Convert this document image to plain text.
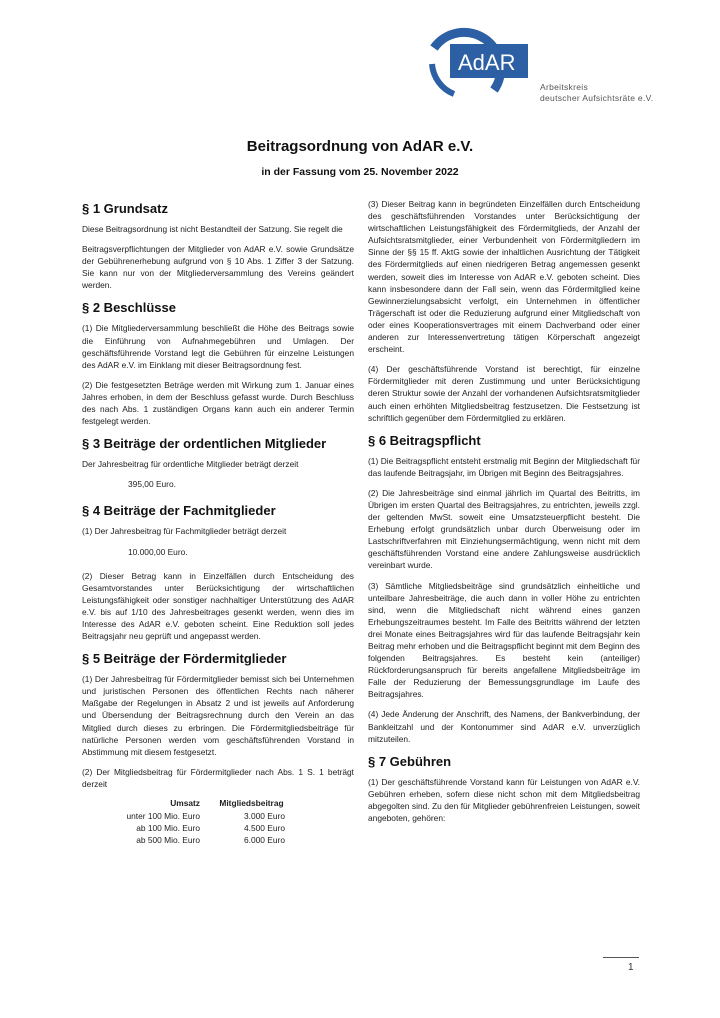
AdAR
Arbeitskreis
deutscher Aufsichtsräte e.V.
Beitragsordnung von AdAR e.V.
in der Fassung vom 25. November 2022
§ 1 Grundsatz

Diese Beitragsordnung ist nicht Bestandteil der Satzung. Sie regelt die

Beitragsverpflichtungen der Mitglieder von AdAR e.V. sowie Grundsätze der Gebührenerhebung aufgrund von § 10 Abs. 1 Ziffer 3 der Satzung. Sie kann nur von der Mitgliederversammlung des Vereins geändert werden.

§ 2 Beschlüsse

(1) Die Mitgliederversammlung beschließt die Höhe des Beitrags sowie die Einführung von Aufnahmegebühren und Umlagen. Der geschäftsführende Vorstand legt die Gebühren für einzelne Leistungen des AdAR e.V. im Einklang mit dieser Beitragsordnung fest.

(2) Die festgesetzten Beträge werden mit Wirkung zum 1. Januar eines Jahres erhoben, in dem der Beschluss gefasst wurde. Durch Beschluss des nach Abs. 1 zuständigen Organs kann auch ein anderer Termin festgelegt werden.

§ 3 Beiträge der ordentlichen Mitglieder

Der Jahresbeitrag für ordentliche Mitglieder beträgt derzeit

395,00 Euro.

§ 4 Beiträge der Fachmitglieder

(1) Der Jahresbeitrag für Fachmitglieder beträgt derzeit

10.000,00 Euro.

(2) Dieser Betrag kann in Einzelfällen durch Entscheidung des Gesamtvorstandes unter Berücksichtigung der wirtschaftlichen Leistungsfähigkeit oder sonstiger nachhaltiger Unterstützung des AdAR e.V. bis auf 1/10 des Jahresbeitrages gesenkt werden, wenn dies im Interesse des AdAR e.V. geboten scheint. Eine Reduktion soll jedes Beitragsjahr neu geprüft und angepasst werden.

§ 5 Beiträge der Fördermitglieder

(1) Der Jahresbeitrag für Fördermitglieder bemisst sich bei Unternehmen und juristischen Personen des öffentlichen Rechts nach näherer Maßgabe der Regelungen in Absatz 2 und ist jeweils auf Anforderung und Übersendung der Beitragsrechnung durch den Verein an das Mitglied durch dieses zu erbringen. Die Fördermitgliedsbeiträge für natürliche Personen werden vom geschäftsführenden Vorstand in Abstimmung mit diesem festgesetzt.

(2) Der Mitgliedsbeitrag für Fördermitglieder nach Abs. 1 S. 1 beträgt derzeit

Umsatz	Mitgliedsbeitrag
unter 100 Mio. Euro	3.000 Euro
ab 100 Mio. Euro	4.500 Euro
ab 500 Mio. Euro	6.000 Euro

(3) Dieser Beitrag kann in begründeten Einzelfällen durch Entscheidung des geschäftsführenden Vorstandes unter Berücksichtigung der wirtschaftlichen Leistungsfähigkeit des Fördermitglieds, der Anzahl der Aufsichtsratsmitglieder, einer Verbundenheit von Fördermitgliedern im Sinne der §§ 15 ff. AktG sowie der inhaltlichen Ausrichtung der Tätigkeit des Fördermitglieds auf einen niedrigeren Betrag angemessen gesenkt werden, soweit dies im Interesse von AdAR e.V. geboten scheint. Dies kann insbesondere dann der Fall sein, wenn das Fördermitglied keine Gewinnerzielungsabsicht verfolgt, ein Unternehmen in öffentlicher Trägerschaft ist oder die Reduzierung aufgrund einer Mitgliedschaft von oder eines Kooperationsvertrages mit einem Dachverband oder einer anderen zur Interessenvertretung tätigen Körperschaft angezeigt erscheint.

(4) Der geschäftsführende Vorstand ist berechtigt, für einzelne Fördermitglieder mit deren Zustimmung und unter Berücksichtigung deren Struktur sowie der Anzahl der vorhandenen Aufsichtsratsmitglieder auch einen erhöhten Mitgliedsbeitrag festzusetzen. Die Festsetzung ist schriftlich gegenüber dem Fördermitglied zu erklären.

§ 6 Beitragspflicht

(1) Die Beitragspflicht entsteht erstmalig mit Beginn der Mitgliedschaft für das laufende Beitragsjahr, im Übrigen mit Beginn des Beitragsjahres.

(2) Die Jahresbeiträge sind einmal jährlich im Quartal des Beitritts, im Übrigen im ersten Quartal des Beitragsjahres, zu entrichten, jeweils zzgl. der geltenden MwSt. soweit eine Umsatzsteuerpflicht besteht. Die Erhebung erfolgt grundsätzlich unbar durch Überweisung oder im Lastschriftverfahren mit Einziehungsermächtigung, wenn nicht mit dem geschäftsführenden Vorstand eine andere Zahlungsweise ausdrücklich vereinbart wurde.

(3) Sämtliche Mitgliedsbeiträge sind grundsätzlich einheitliche und unteilbare Jahresbeiträge, die auch dann in voller Höhe zu entrichten sind, wenn die Mitgliedschaft nicht während eines ganzen Erhebungszeitraumes besteht. Im Falle des Beitritts während der letzten drei Monate eines Beitragsjahres wird für das laufende Beitragsjahr kein Beitrag mehr erhoben und die Beitragspflicht beginnt mit dem Beginn des folgenden Beitragsjahres. Es besteht kein (anteiliger) Rückforderungsanspruch für bereits angefallene Mitgliedsbeiträge im Falle der Reduzierung der Bemessungsgrundlage im Laufe des Beitragsjahres.

(4) Jede Änderung der Anschrift, des Namens, der Bankverbindung, der Bankleitzahl und der Kontonummer sind AdAR e.V. unverzüglich mitzuteilen.

§ 7 Gebühren

(1) Der geschäftsführende Vorstand kann für Leistungen von AdAR e.V. Gebühren erheben, sofern diese nicht schon mit dem Mitgliedsbeitrag abgegolten sind. Zu den für Mitglieder gebührenfreien Leistungen, soweit angeboten, gehören:

1
